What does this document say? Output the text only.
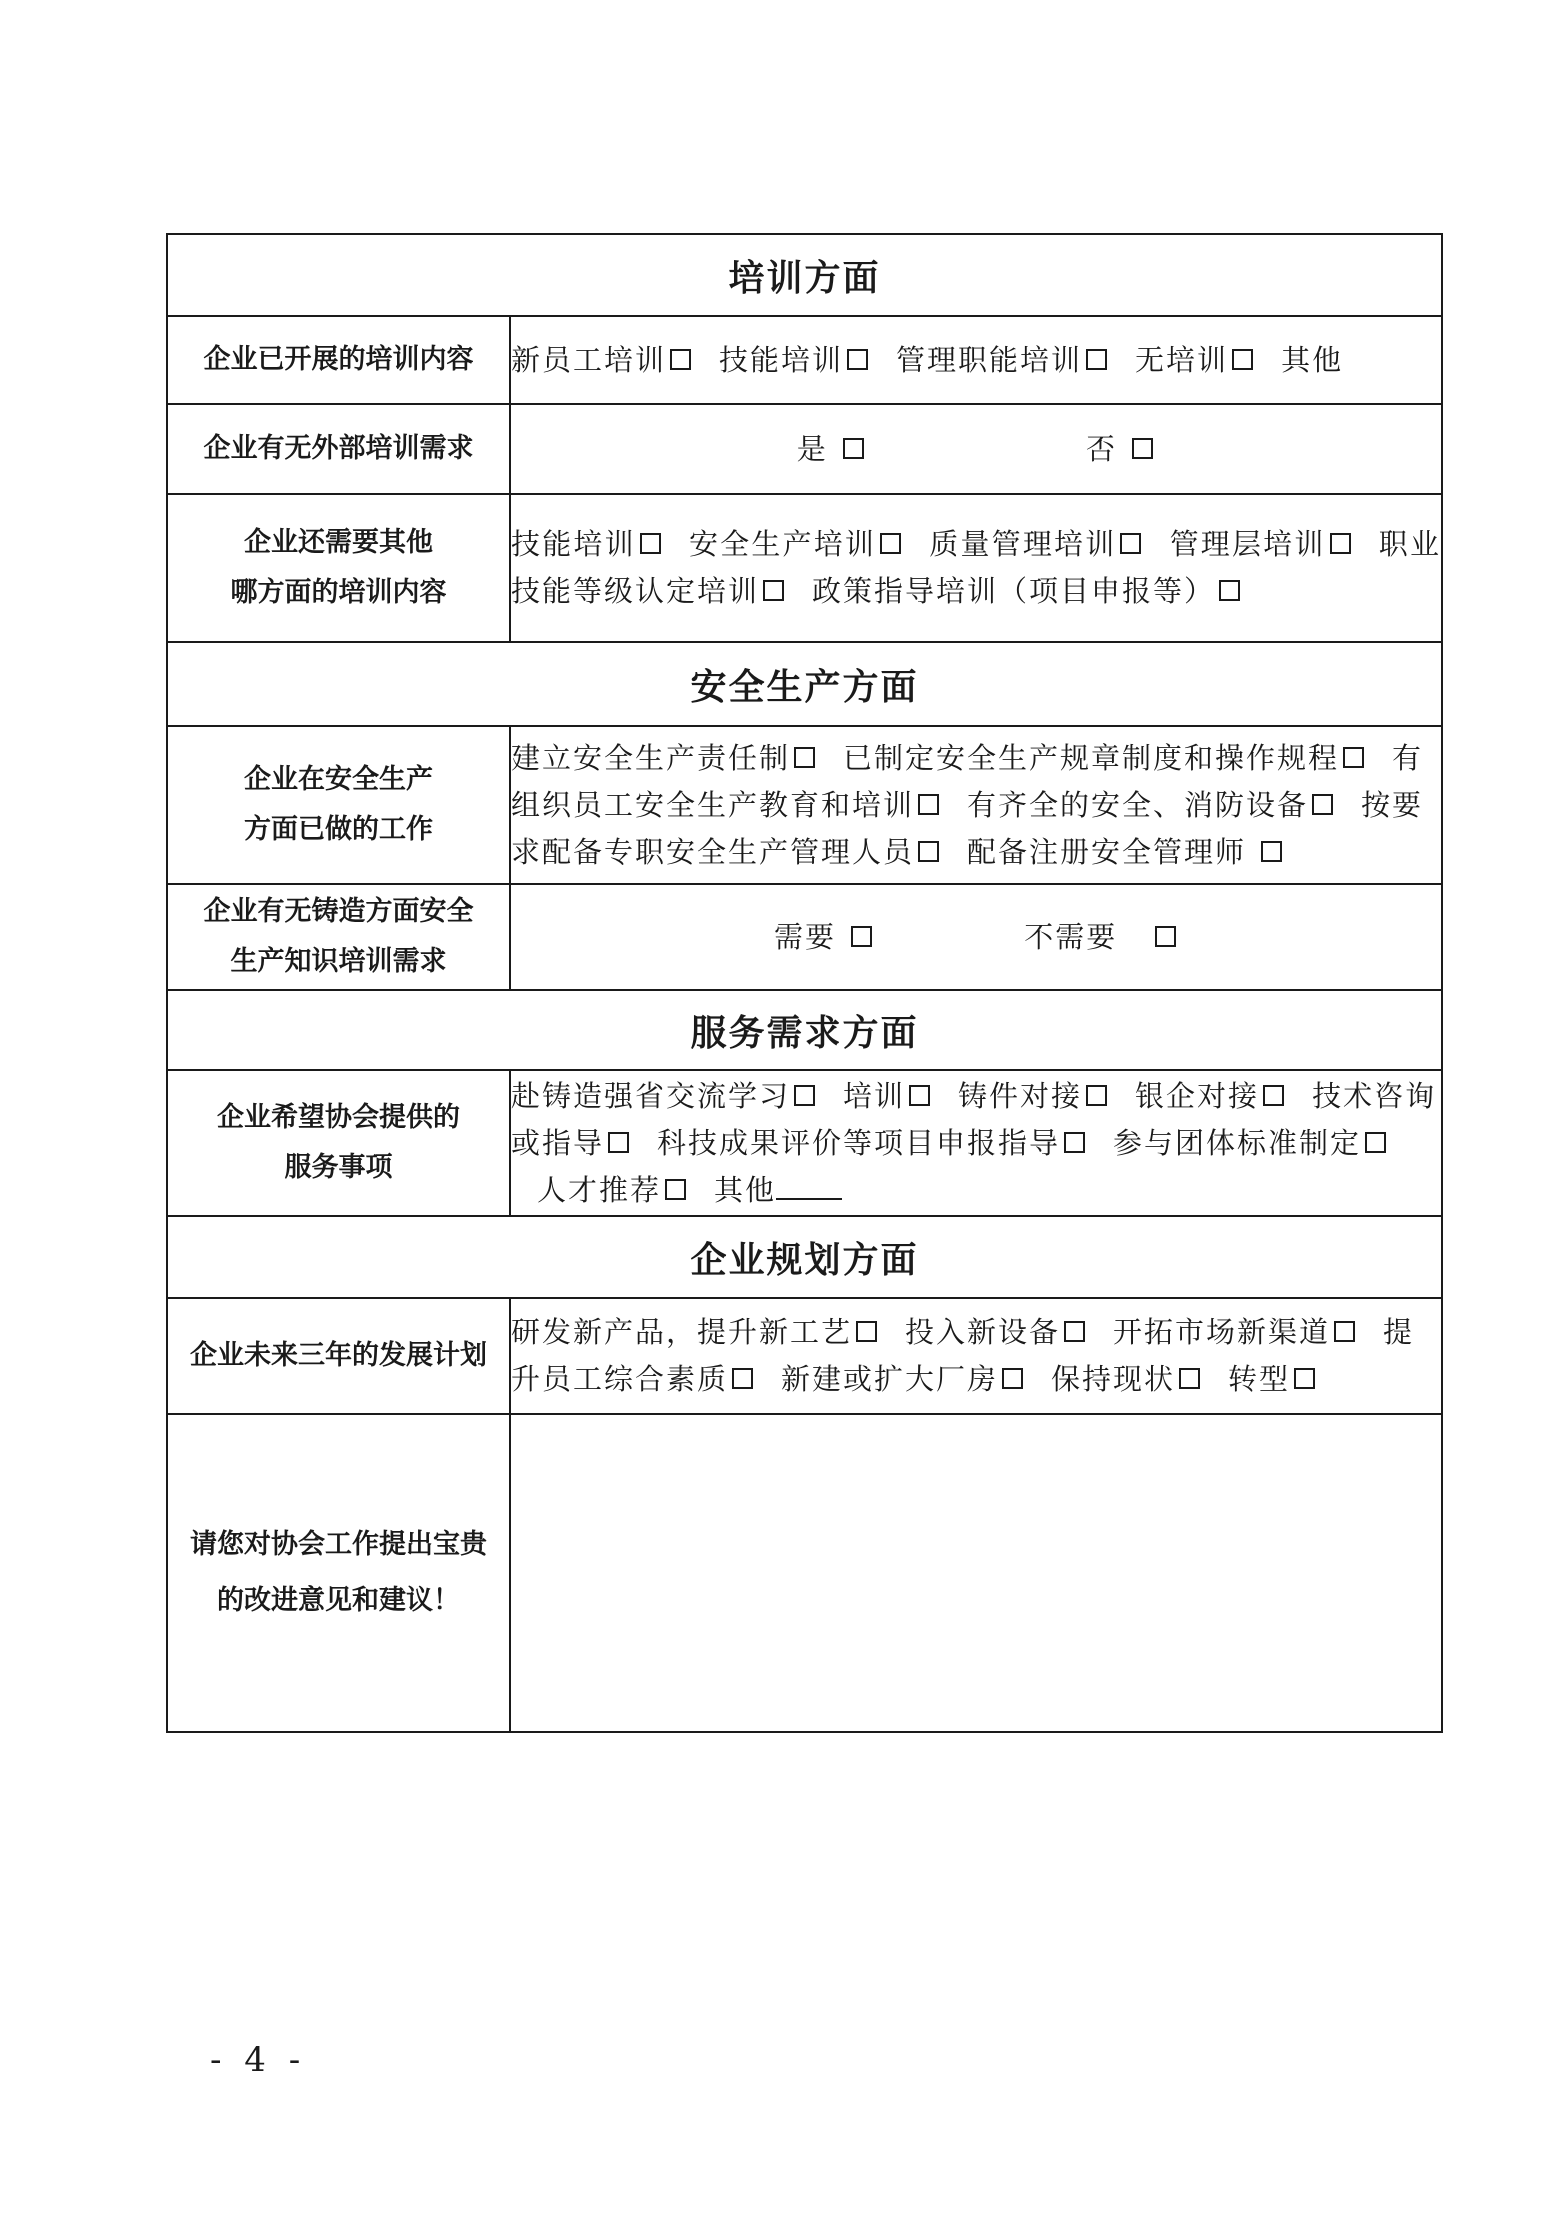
培训方面	
企业已开展的培训内容	新员工培训 技能培训 管理职能培训 无培训 其他
企业有无外部培训需求	是 否

企业还需要其他
哪方面的培训内容	技能培训 安全生产培训 质量管理培训 管理层培训 职业技能等级认定培训 政策指导培训（项目申报等）
安全生产方面	

企业在安全生产
方面已做的工作	建立安全生产责任制 已制定安全生产规章制度和操作规程 有组织员工安全生产教育和培训 有齐全的安全、消防设备 按要求配备专职安全生产管理人员 配备注册安全管理师

企业有无铸造方面安全
生产知识培训需求	需要 不需要
服务需求方面	

企业希望协会提供的
服务事项	赴铸造强省交流学习 培训 铸件对接 银企对接 技术咨询或指导 科技成果评价等项目申报指导 参与团体标准制定人才推荐 其他
企业规划方面	
企业未来三年的发展计划	研发新产品，提升新工艺 投入新设备 开拓市场新渠道 提升员工综合素质 新建或扩大厂房 保持现状 转型

请您对协会工作提出宝贵
的改进意见和建议！	

- 4 -
